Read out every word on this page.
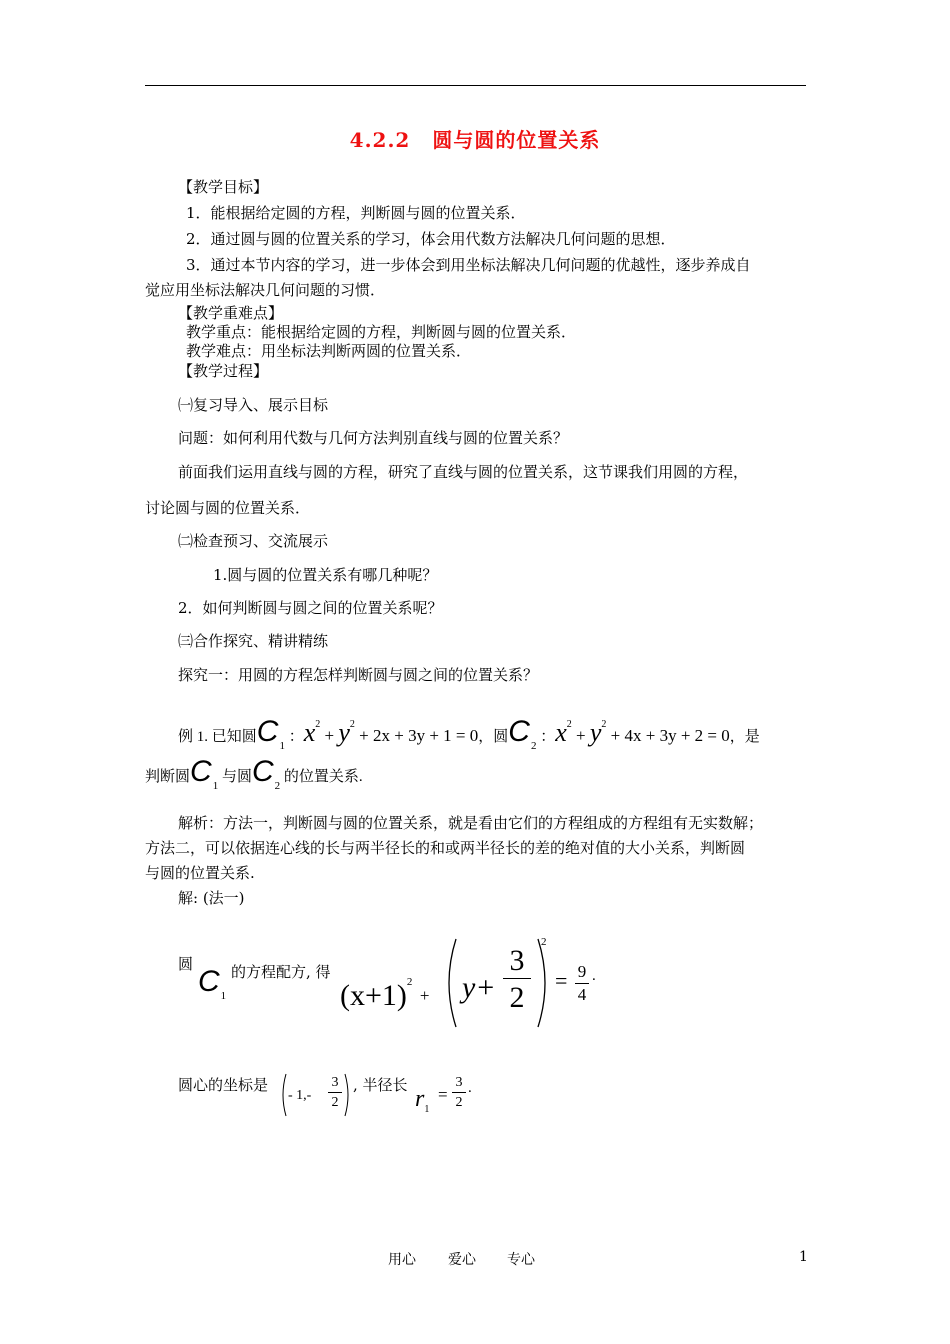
4.2.2 圆与圆的位置关系
【教学目标】
1．能根据给定圆的方程，判断圆与圆的位置关系．
2．通过圆与圆的位置关系的学习，体会用代数方法解决几何问题的思想．
3．通过本节内容的学习，进一步体会到用坐标法解决几何问题的优越性，逐步养成自
觉应用坐标法解决几何问题的习惯．
【教学重难点】
教学重点：能根据给定圆的方程，判断圆与圆的位置关系．
教学难点：用坐标法判断两圆的位置关系．
【教学过程】
㈠复习导入、展示目标
问题：如何利用代数与几何方法判别直线与圆的位置关系？
前面我们运用直线与圆的方程，研究了直线与圆的位置关系，这节课我们用圆的方程，
讨论圆与圆的位置关系．
㈡检查预习、交流展示
1.圆与圆的位置关系有哪几种呢？
2．如何判断圆与圆之间的位置关系呢？
㈢合作探究、精讲精练
探究一：用圆的方程怎样判断圆与圆之间的位置关系？
例 1. 已知圆$C_1$ ：$x^2 + y^2 + 2x + 3y + 1 = 0$，圆$C_2$ ：$x^2 + y^2 + 4x + 3y + 2 = 0$，是
判断圆$C_1$ 与圆$C_2$ 的位置关系.
解析：方法一，判断圆与圆的位置关系，就是看由它们的方程组成的方程组有无实数解；
方法二，可以依据连心线的长与两半径长的和或两半径长的差的绝对值的大小关系，判断圆
与圆的位置关系.
解: (法一)
圆 $C_1$
的方程配方, 得
$(x+1)^2 + y+ \frac{3}{2}$
2
= $\frac{9}{4}$ .
圆心的坐标是
- $1,- \frac{3}{2}$ , 半径长
$r_1$
= $\frac{3}{2}$ .
用心 爱心 专心	1
